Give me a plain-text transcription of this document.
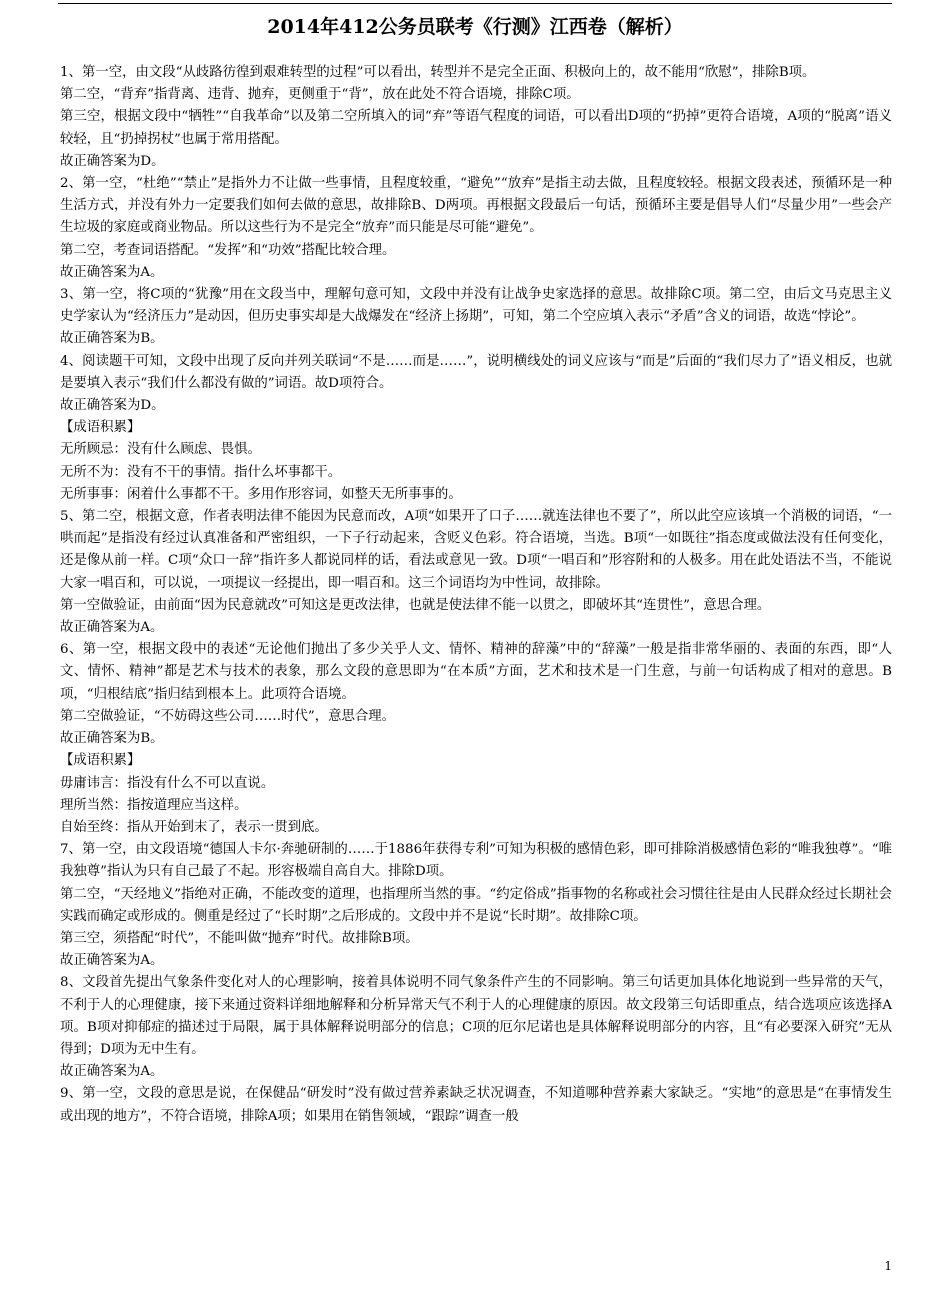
2014年412公务员联考《行测》江西卷（解析）

1、第一空，由文段“从歧路彷徨到艰难转型的过程”可以看出，转型并不是完全正面、积极向上的，故不能用“欣慰”，排除B项。

第二空，“背弃”指背离、违背、抛弃，更侧重于“背”，放在此处不符合语境，排除C项。

第三空，根据文段中“牺牲”“自我革命”以及第二空所填入的词“弃”等语气程度的词语，可以看出D项的“扔掉”更符合语境，A项的“脱离”语义较轻，且“扔掉拐杖”也属于常用搭配。

故正确答案为D。

2、第一空，“杜绝”“禁止”是指外力不让做一些事情，且程度较重，“避免”“放弃”是指主动去做，且程度较轻。根据文段表述，预循环是一种生活方式，并没有外力一定要我们如何去做的意思，故排除B、D两项。再根据文段最后一句话，预循环主要是倡导人们“尽量少用”一些会产生垃圾的家庭或商业物品。所以这些行为不是完全“放弃”而只能是尽可能“避免”。

第二空，考查词语搭配。“发挥”和“功效”搭配比较合理。

故正确答案为A。

3、第一空，将C项的“犹豫”用在文段当中，理解句意可知，文段中并没有让战争史家选择的意思。故排除C项。第二空，由后文马克思主义史学家认为“经济压力”是动因，但历史事实却是大战爆发在“经济上扬期”，可知，第二个空应填入表示“矛盾”含义的词语，故选“悖论”。

故正确答案为B。

4、阅读题干可知，文段中出现了反向并列关联词“不是……而是……”，说明横线处的词义应该与“而是”后面的“我们尽力了”语义相反，也就是要填入表示“我们什么都没有做的”词语。故D项符合。

故正确答案为D。

【成语积累】

无所顾忌：没有什么顾虑、畏惧。

无所不为：没有不干的事情。指什么坏事都干。

无所事事：闲着什么事都不干。多用作形容词，如整天无所事事的。

5、第二空，根据文意，作者表明法律不能因为民意而改，A项“如果开了口子……就连法律也不要了”，所以此空应该填一个消极的词语，“一哄而起”是指没有经过认真准备和严密组织，一下子行动起来，含贬义色彩。符合语境，当选。B项“一如既往”指态度或做法没有任何变化，还是像从前一样。C项“众口一辞”指许多人都说同样的话，看法或意见一致。D项“一唱百和”形容附和的人极多。用在此处语法不当，不能说大家一唱百和，可以说，一项提议一经提出，即一唱百和。这三个词语均为中性词，故排除。

第一空做验证，由前面“因为民意就改”可知这是更改法律，也就是使法律不能一以贯之，即破坏其“连贯性”，意思合理。

故正确答案为A。

6、第一空，根据文段中的表述“无论他们抛出了多少关乎人文、情怀、精神的辞藻”中的“辞藻”一般是指非常华丽的、表面的东西，即“人文、情怀、精神”都是艺术与技术的表象，那么文段的意思即为“在本质”方面，艺术和技术是一门生意，与前一句话构成了相对的意思。B项，“归根结底”指归结到根本上。此项符合语境。

第二空做验证，“不妨碍这些公司……时代”，意思合理。

故正确答案为B。

【成语积累】

毋庸讳言：指没有什么不可以直说。

理所当然：指按道理应当这样。

自始至终：指从开始到末了，表示一贯到底。

7、第一空，由文段语境“德国人卡尔·奔驰研制的……于1886年获得专利”可知为积极的感情色彩，即可排除消极感情色彩的“唯我独尊”。“唯我独尊”指认为只有自己最了不起。形容极端自高自大。排除D项。

第二空，“天经地义”指绝对正确，不能改变的道理，也指理所当然的事。“约定俗成”指事物的名称或社会习惯往往是由人民群众经过长期社会实践而确定或形成的。侧重是经过了“长时期”之后形成的。文段中并不是说“长时期”。故排除C项。

第三空，须搭配“时代”，不能叫做“抛弃”时代。故排除B项。

故正确答案为A。

8、文段首先提出气象条件变化对人的心理影响，接着具体说明不同气象条件产生的不同影响。第三句话更加具体化地说到一些异常的天气，不利于人的心理健康，接下来通过资料详细地解释和分析异常天气不利于人的心理健康的原因。故文段第三句话即重点，结合选项应该选择A项。B项对抑郁症的描述过于局限，属于具体解释说明部分的信息；C项的厄尔尼诺也是具体解释说明部分的内容，且“有必要深入研究”无从得到；D项为无中生有。

故正确答案为A。

9、第一空，文段的意思是说，在保健品“研发时”没有做过营养素缺乏状况调查，不知道哪种营养素大家缺乏。“实地”的意思是“在事情发生或出现的地方”，不符合语境，排除A项；如果用在销售领域，“跟踪”调查一般

1
